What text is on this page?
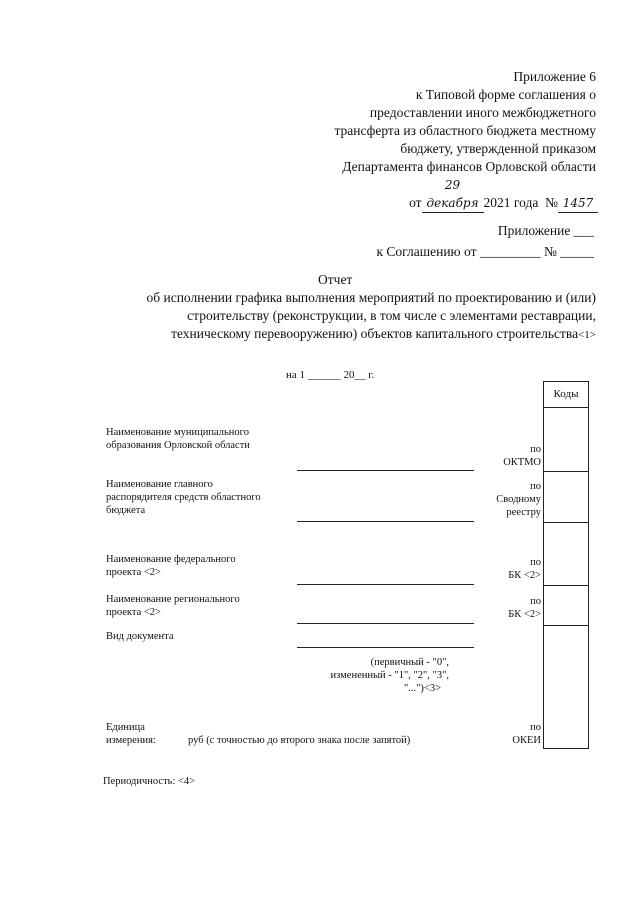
Приложение 6
к Типовой форме соглашения о
предоставлении иного межбюджетного
трансферта из областного бюджета местному
бюджету, утвержденной приказом
Департамента финансов Орловской области
от29 декабря 2021 года № 1457
Приложение ___
к Соглашению от _________ № _____
Отчет
об исполнении графика выполнения мероприятий по проектированию и (или)
строительству (реконструкции, в том числе с элементами реставрации,
техническому перевооружению) объектов капитального строительства<1>
на 1 ______ 20__ г.
Коды
Наименование муниципального
образования Орловской области	по
ОКТМО
Наименование главного
распорядителя средств областного
бюджета
по
Сводному
реестру
Наименование федерального
проекта <2>
по
БК <2>
Наименование регионального
проекта <2>
по
БК <2>
Вид документа
(первичный - "0",
измененный - "1", "2", "3",
"...")<3>
Единица
измерения:	руб (с точностью до второго знака после запятой)
по
ОКЕИ
Периодичность: <4>
